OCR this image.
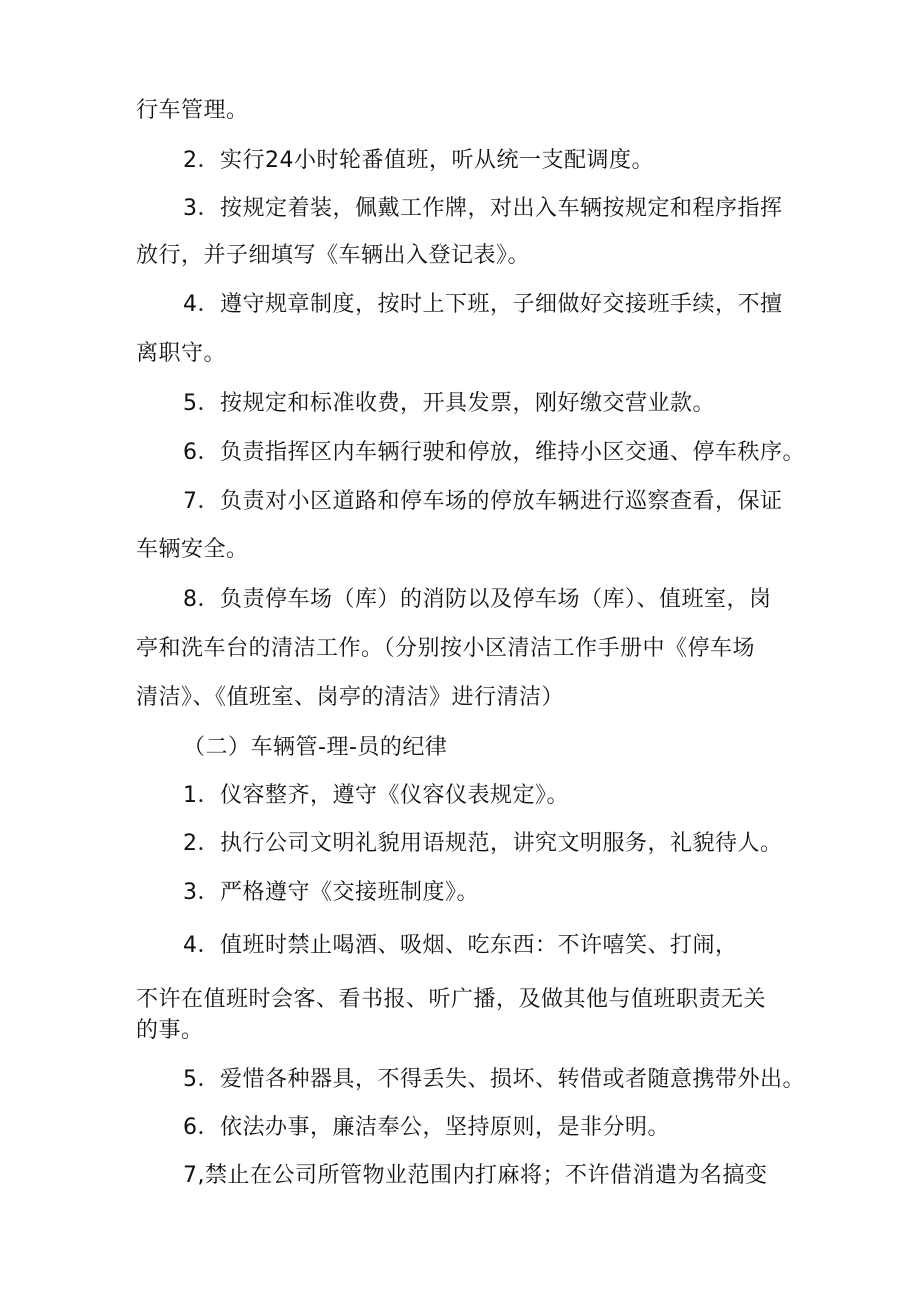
行车管理。

2．实行24小时轮番值班，听从统一支配调度。

3．按规定着装，佩戴工作牌，对出入车辆按规定和程序指挥

放行，并子细填写《车辆出入登记表》。

4．遵守规章制度，按时上下班，子细做好交接班手续，不擅

离职守。

5．按规定和标准收费，开具发票，刚好缴交营业款。

6．负责指挥区内车辆行驶和停放，维持小区交通、停车秩序。

7．负责对小区道路和停车场的停放车辆进行巡察查看，保证

车辆安全。

8．负责停车场（库）的消防以及停车场（库）、值班室，岗

亭和洗车台的清洁工作。（分别按小区清洁工作手册中《停车场

清洁》、《值班室、岗亭的清洁》进行清洁）

（二）车辆管-理-员的纪律

1．仪容整齐，遵守《仪容仪表规定》。

2．执行公司文明礼貌用语规范，讲究文明服务，礼貌待人。

3．严格遵守《交接班制度》。

4．值班时禁止喝酒、吸烟、吃东西：不许嘻笑、打闹，

不许在值班时会客、看书报、听广播，及做其他与值班职责无关

的事。

5．爱惜各种器具，不得丢失、损坏、转借或者随意携带外出。

6．依法办事，廉洁奉公，坚持原则，是非分明。

7,禁止在公司所管物业范围内打麻将；不许借消遣为名搞变
